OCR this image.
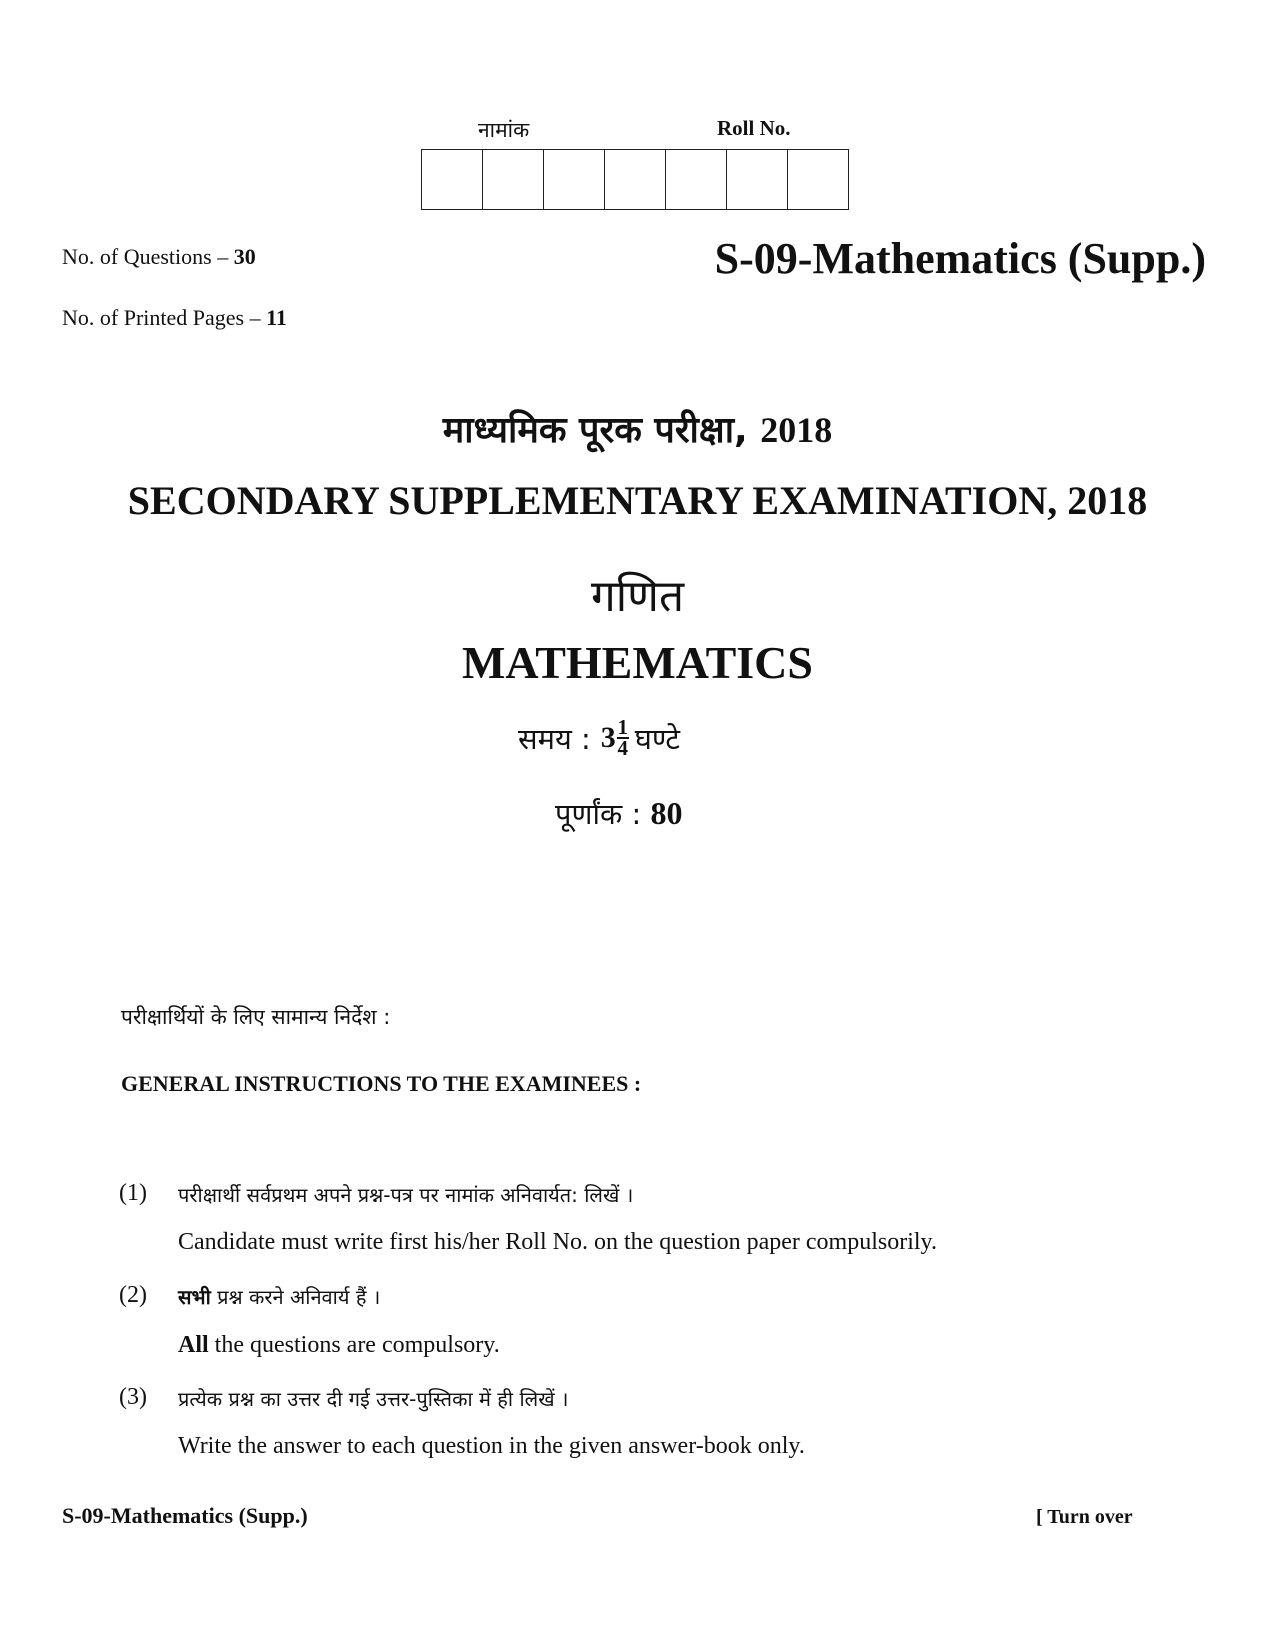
नामांक	Roll No.
No. of Questions – 30
No. of Printed Pages – 11
S-09-Mathematics (Supp.)
माध्यमिक पूरक परीक्षा, 2018
SECONDARY SUPPLEMENTARY EXAMINATION, 2018
गणित
MATHEMATICS
समय : $3 \frac{1}{4}$ घण्टे
पूर्णांक : 80
परीक्षार्थियों के लिए सामान्य निर्देश :
GENERAL INSTRUCTIONS TO THE EXAMINEES :
(1) परीक्षार्थी सर्वप्रथम अपने प्रश्न-पत्र पर नामांक अनिवार्यत: लिखें ।
Candidate must write first his/her Roll No. on the question paper compulsorily.
(2) सभी प्रश्न करने अनिवार्य हैं ।
All the questions are compulsory.
(3) प्रत्येक प्रश्न का उत्तर दी गई उत्तर-पुस्तिका में ही लिखें ।
Write the answer to each question in the given answer-book only.
S-09-Mathematics (Supp.)	[ Turn over
